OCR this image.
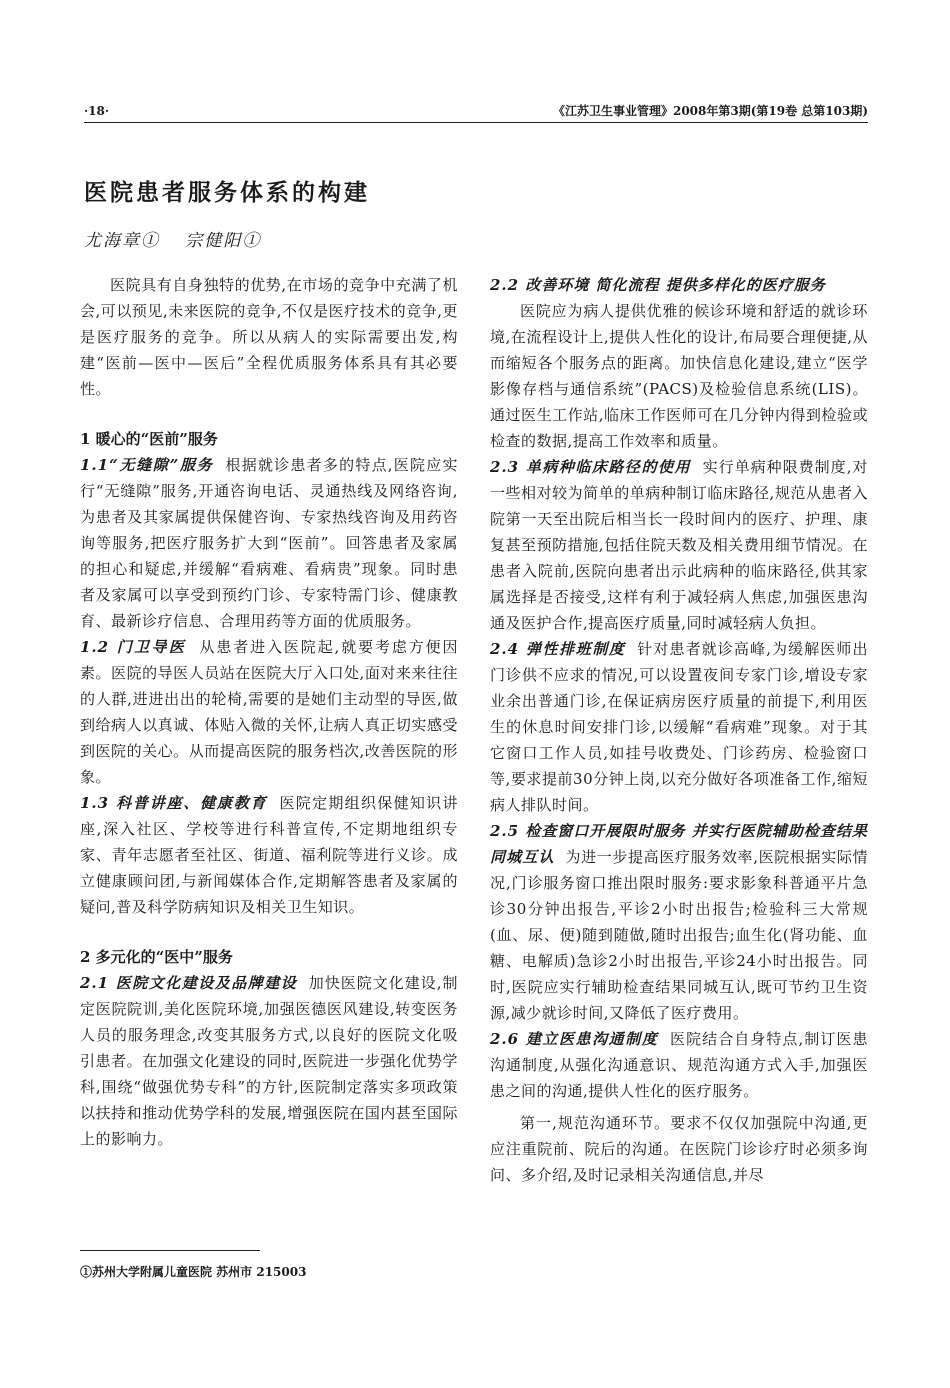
·18·	《江苏卫生事业管理》2008年第3期(第19卷 总第103期)
医院患者服务体系的构建
尤海章① 宗健阳①

医院具有自身独特的优势,在市场的竞争中充满了机会,可以预见,未来医院的竞争,不仅是医疗技术的竞争,更是医疗服务的竞争。所以从病人的实际需要出发,构建“医前—医中—医后”全程优质服务体系具有其必要性。

1 暖心的“医前”服务

1.1“无缝隙”服务 根据就诊患者多的特点,医院应实行“无缝隙”服务,开通咨询电话、灵通热线及网络咨询,为患者及其家属提供保健咨询、专家热线咨询及用药咨询等服务,把医疗服务扩大到“医前”。回答患者及家属的担心和疑虑,并缓解“看病难、看病贵”现象。同时患者及家属可以享受到预约门诊、专家特需门诊、健康教育、最新诊疗信息、合理用药等方面的优质服务。

1.2 门卫导医 从患者进入医院起,就要考虑方便因素。医院的导医人员站在医院大厅入口处,面对来来往往的人群,进进出出的轮椅,需要的是她们主动型的导医,做到给病人以真诚、体贴入微的关怀,让病人真正切实感受到医院的关心。从而提高医院的服务档次,改善医院的形象。

1.3 科普讲座、健康教育 医院定期组织保健知识讲座,深入社区、学校等进行科普宣传,不定期地组织专家、青年志愿者至社区、街道、福利院等进行义诊。成立健康顾问团,与新闻媒体合作,定期解答患者及家属的疑问,普及科学防病知识及相关卫生知识。

2 多元化的“医中”服务

2.1 医院文化建设及品牌建设 加快医院文化建设,制定医院院训,美化医院环境,加强医德医风建设,转变医务人员的服务理念,改变其服务方式,以良好的医院文化吸引患者。在加强文化建设的同时,医院进一步强化优势学科,围绕“做强优势专科”的方针,医院制定落实多项政策以扶持和推动优势学科的发展,增强医院在国内甚至国际上的影响力。

2.2 改善环境 简化流程 提供多样化的医疗服务

医院应为病人提供优雅的候诊环境和舒适的就诊环境,在流程设计上,提供人性化的设计,布局要合理便捷,从而缩短各个服务点的距离。加快信息化建设,建立“医学影像存档与通信系统”(PACS)及检验信息系统(LIS)。通过医生工作站,临床工作医师可在几分钟内得到检验或检查的数据,提高工作效率和质量。

2.3 单病种临床路径的使用 实行单病种限费制度,对一些相对较为简单的单病种制订临床路径,规范从患者入院第一天至出院后相当长一段时间内的医疗、护理、康复甚至预防措施,包括住院天数及相关费用细节情况。在患者入院前,医院向患者出示此病种的临床路径,供其家属选择是否接受,这样有利于减轻病人焦虑,加强医患沟通及医护合作,提高医疗质量,同时减轻病人负担。

2.4 弹性排班制度 针对患者就诊高峰,为缓解医师出门诊供不应求的情况,可以设置夜间专家门诊,增设专家业余出普通门诊,在保证病房医疗质量的前提下,利用医生的休息时间安排门诊,以缓解“看病难”现象。对于其它窗口工作人员,如挂号收费处、门诊药房、检验窗口等,要求提前30分钟上岗,以充分做好各项准备工作,缩短病人排队时间。

2.5 检查窗口开展限时服务 并实行医院辅助检查结果同城互认 为进一步提高医疗服务效率,医院根据实际情况,门诊服务窗口推出限时服务:要求影象科普通平片急诊30分钟出报告,平诊2小时出报告;检验科三大常规(血、尿、便)随到随做,随时出报告;血生化(肾功能、血糖、电解质)急诊2小时出报告,平诊24小时出报告。同时,医院应实行辅助检查结果同城互认,既可节约卫生资源,减少就诊时间,又降低了医疗费用。

2.6 建立医患沟通制度 医院结合自身特点,制订医患沟通制度,从强化沟通意识、规范沟通方式入手,加强医患之间的沟通,提供人性化的医疗服务。

第一,规范沟通环节。要求不仅仅加强院中沟通,更应注重院前、院后的沟通。在医院门诊诊疗时必须多询问、多介绍,及时记录相关沟通信息,并尽

①苏州大学附属儿童医院 苏州市 215003
